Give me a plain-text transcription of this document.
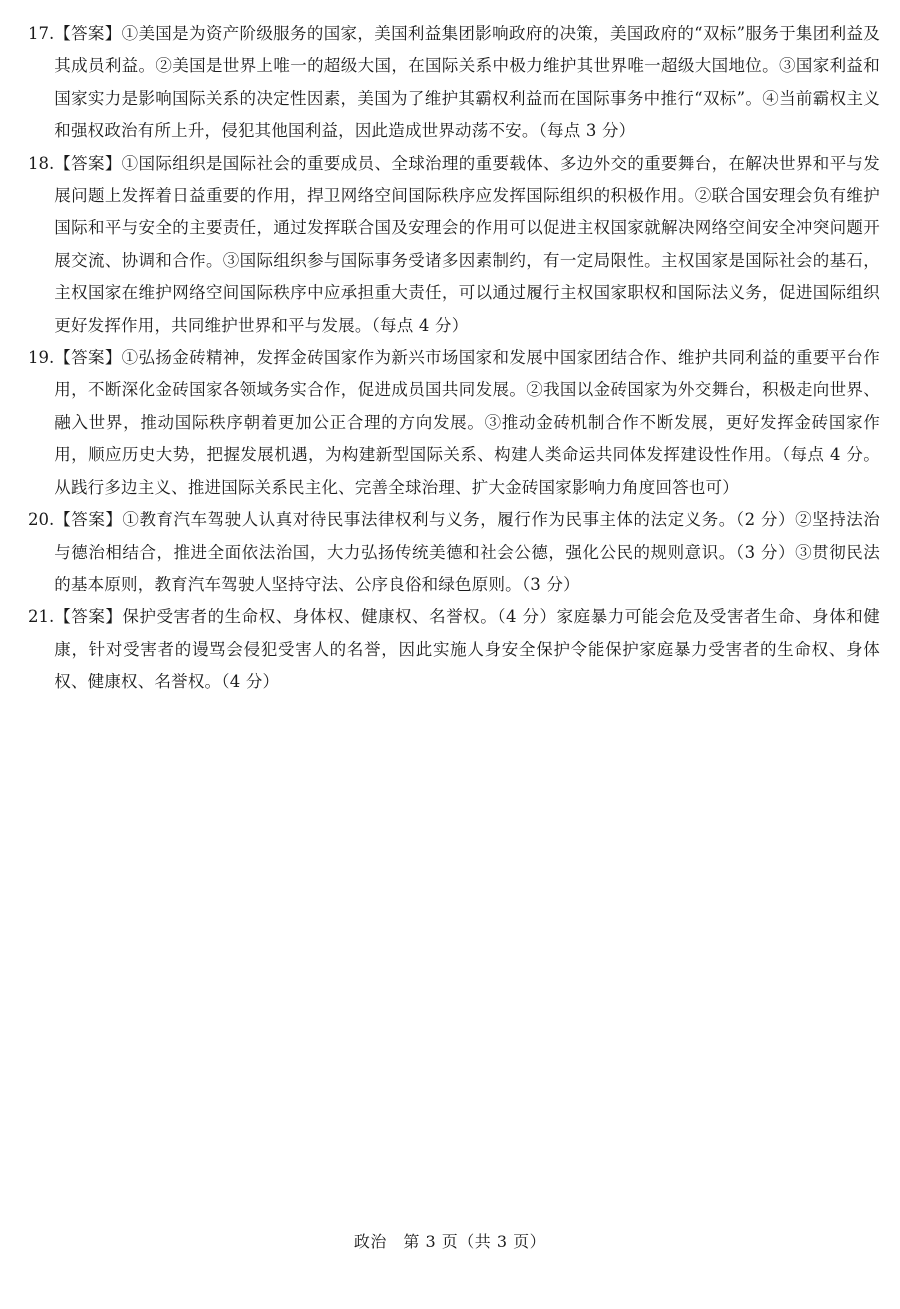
17. 【答案】①美国是为资产阶级服务的国家，美国利益集团影响政府的决策，美国政府的“双标”服务于集团利益及其成员利益。②美国是世界上唯一的超级大国，在国际关系中极力维护其世界唯一超级大国地位。③国家利益和国家实力是影响国际关系的决定性因素，美国为了维护其霸权利益而在国际事务中推行“双标”。④当前霸权主义和强权政治有所上升，侵犯其他国利益，因此造成世界动荡不安。（每点 3 分）
18. 【答案】①国际组织是国际社会的重要成员、全球治理的重要载体、多边外交的重要舞台，在解决世界和平与发展问题上发挥着日益重要的作用，捍卫网络空间国际秩序应发挥国际组织的积极作用。②联合国安理会负有维护国际和平与安全的主要责任，通过发挥联合国及安理会的作用可以促进主权国家就解决网络空间安全冲突问题开展交流、协调和合作。③国际组织参与国际事务受诸多因素制约，有一定局限性。主权国家是国际社会的基石，主权国家在维护网络空间国际秩序中应承担重大责任，可以通过履行主权国家职权和国际法义务，促进国际组织更好发挥作用，共同维护世界和平与发展。（每点 4 分）
19. 【答案】①弘扬金砖精神，发挥金砖国家作为新兴市场国家和发展中国家团结合作、维护共同利益的重要平台作用，不断深化金砖国家各领域务实合作，促进成员国共同发展。②我国以金砖国家为外交舞台，积极走向世界、融入世界，推动国际秩序朝着更加公正合理的方向发展。③推动金砖机制合作不断发展，更好发挥金砖国家作用，顺应历史大势，把握发展机遇，为构建新型国际关系、构建人类命运共同体发挥建设性作用。（每点 4 分。从践行多边主义、推进国际关系民主化、完善全球治理、扩大金砖国家影响力角度回答也可）
20. 【答案】①教育汽车驾驶人认真对待民事法律权利与义务，履行作为民事主体的法定义务。（2 分）②坚持法治与德治相结合，推进全面依法治国，大力弘扬传统美德和社会公德，强化公民的规则意识。（3 分）③贯彻民法的基本原则，教育汽车驾驶人坚持守法、公序良俗和绿色原则。（3 分）
21. 【答案】保护受害者的生命权、身体权、健康权、名誉权。（4 分）家庭暴力可能会危及受害者生命、身体和健康，针对受害者的谩骂会侵犯受害人的名誉，因此实施人身安全保护令能保护家庭暴力受害者的生命权、身体权、健康权、名誉权。（4 分）
政治　第 3 页（共 3 页）
